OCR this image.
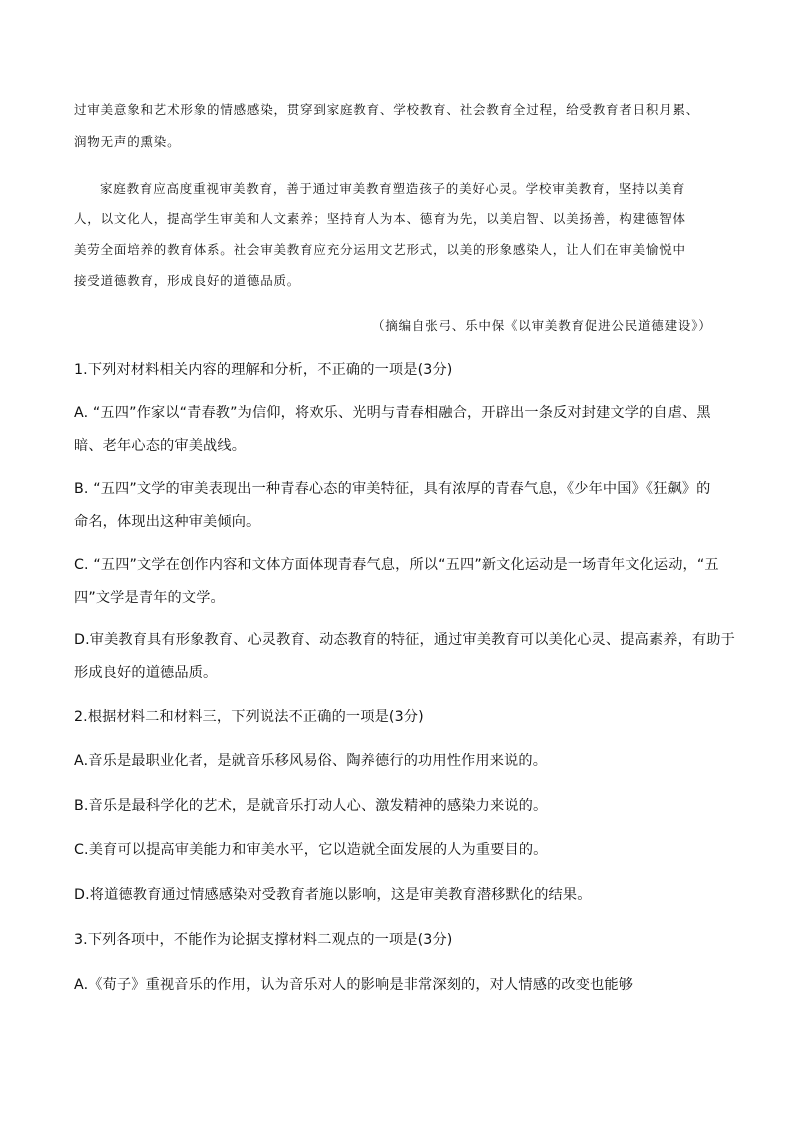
过审美意象和艺术形象的情感感染，贯穿到家庭教育、学校教育、社会教育全过程，给受教育者日积月累、
润物无声的熏染。
家庭教育应高度重视审美教育，善于通过审美教育塑造孩子的美好心灵。学校审美教育，坚持以美育
人，以文化人，提高学生审美和人文素养；坚持育人为本、德育为先，以美启智、以美扬善，构建德智体
美劳全面培养的教育体系。社会审美教育应充分运用文艺形式，以美的形象感染人，让人们在审美愉悦中
接受道德教育，形成良好的道德品质。
（摘编自张弓、乐中保《以审美教育促进公民道德建设》）
1.下列对材料相关内容的理解和分析，不正确的一项是(3分)
A. “五四”作家以“青春教”为信仰，将欢乐、光明与青春相融合，开辟出一条反对封建文学的自虐、黑
暗、老年心态的审美战线。
B. “五四”文学的审美表现出一种青春心态的审美特征，具有浓厚的青春气息，《少年中国》《狂飙》的
命名，体现出这种审美倾向。
C. “五四”文学在创作内容和文体方面体现青春气息，所以“五四”新文化运动是一场青年文化运动，“五
四”文学是青年的文学。
D.审美教育具有形象教育、心灵教育、动态教育的特征，通过审美教育可以美化心灵、提高素养，有助于
形成良好的道德品质。
2.根据材料二和材料三，下列说法不正确的一项是(3分)
A.音乐是最职业化者，是就音乐移风易俗、陶养德行的功用性作用来说的。
B.音乐是最科学化的艺术，是就音乐打动人心、激发精神的感染力来说的。
C.美育可以提高审美能力和审美水平，它以造就全面发展的人为重要目的。
D.将道德教育通过情感感染对受教育者施以影响，这是审美教育潜移默化的结果。
3.下列各项中，不能作为论据支撑材料二观点的一项是(3分)
A.《荀子》重视音乐的作用，认为音乐对人的影响是非常深刻的，对人情感的改变也能够
